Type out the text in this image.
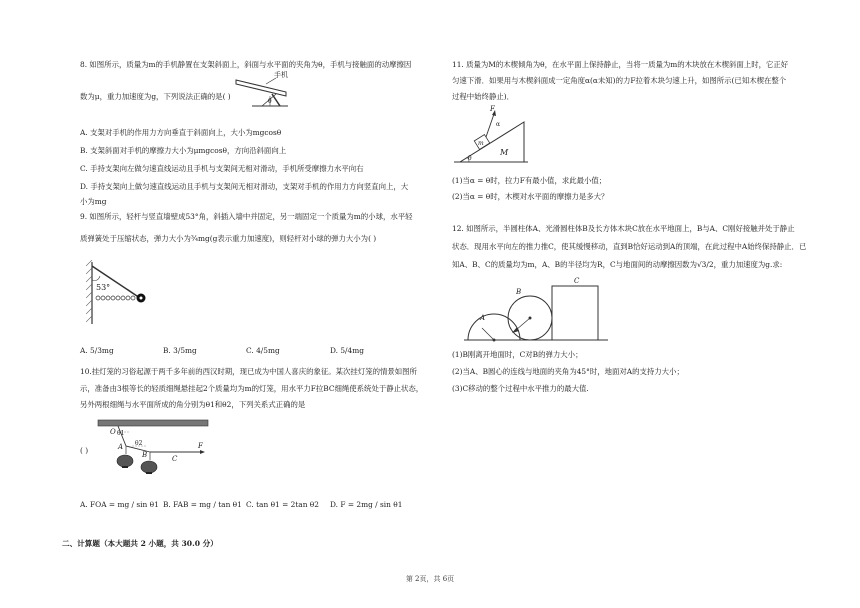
8. 如图所示，质量为m的手机静置在支架斜面上，斜面与水平面的夹角为θ，手机与接触面的动摩擦因
手机
θ
数为μ，重力加速度为g，下列说法正确的是( )
A. 支架对手机的作用力方向垂直于斜面向上，大小为mgcosθ
B. 支架斜面对手机的摩擦力大小为μmgcosθ，方向沿斜面向上
C. 手持支架向左做匀速直线运动且手机与支架间无相对滑动，手机所受摩擦力水平向右
D. 手持支架向上做匀速直线运动且手机与支架间无相对滑动，支架对手机的作用力方向竖直向上，大
小为mg
9. 如图所示，轻杆与竖直墙壁成53°角，斜插入墙中并固定，另一端固定一个质量为m的小球，水平轻
质弹簧处于压缩状态，弹力大小为¾mg(g表示重力加速度)，则轻杆对小球的弹力大小为( )
53°
A. 5/3mg	B. 3/5mg	C. 4/5mg	D. 5/4mg
10.挂灯笼的习俗起源于两千多年前的西汉时期，现已成为中国人喜庆的象征。某次挂灯笼的情景如图所
示，准备由3根等长的轻质细绳悬挂起2个质量均为m的灯笼，用水平力F拉BC细绳使系统处于静止状态，
另外两根细绳与水平面所成的角分别为θ1和θ2，下列关系式正确的是
( )
O θ1
A θ2
B	C
F
A. FOA = mg / sin θ1 B. FAB = mg / tan θ1 C. tan θ1 = 2tan θ2 D. F = 2mg / sin θ1
二、计算题（本大题共 2 小题，共 30.0 分）
11. 质量为M的木楔倾角为θ，在水平面上保持静止，当将一质量为m的木块放在木楔斜面上时，它正好
匀速下滑．如果用与木楔斜面成一定角度α(α未知)的力F拉着木块匀速上升，如图所示(已知木楔在整个
过程中始终静止)．
F
α
m
M
θ
(1)当α = θ时，拉力F有最小值，求此最小值；
(2)当α = θ时，木楔对水平面的摩擦力是多大？
12. 如图所示，半圆柱体A、光滑圆柱体B及长方体木块C放在水平地面上，B与A、C刚好接触并处于静止
状态．现用水平向左的推力推C，使其缓慢移动，直到B恰好运动到A的顶端，在此过程中A始终保持静止．已
知A、B、C的质量均为m，A、B的半径均为R，C与地面间的动摩擦因数为√3/2，重力加速度为g.求:
A
B
C
(1)B刚离开地面时，C对B的弹力大小；
(2)当A、B圆心的连线与地面的夹角为45°时，地面对A的支持力大小；
(3)C移动的整个过程中水平推力的最大值.
第 2页，共 6页
